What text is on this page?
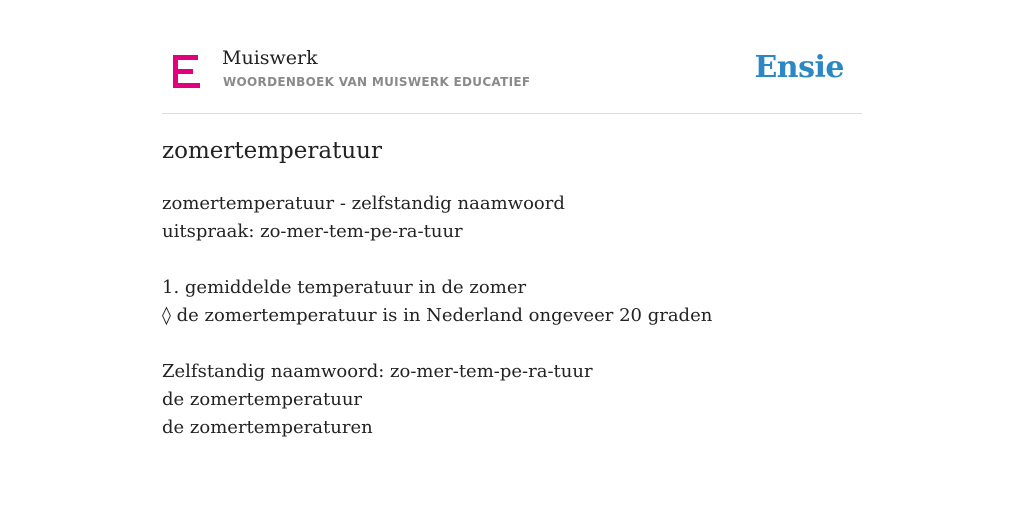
Muiswerk
WOORDENBOEK VAN MUISWERK EDUCATIEF	Ensie
zomertemperatuur
zomertemperatuur - zelfstandig naamwoord
uitspraak: zo-mer-tem-pe-ra-tuur
1. gemiddelde temperatuur in de zomer
◊ de zomertemperatuur is in Nederland ongeveer 20 graden
Zelfstandig naamwoord: zo-mer-tem-pe-ra-tuur
de zomertemperatuur
de zomertemperaturen
